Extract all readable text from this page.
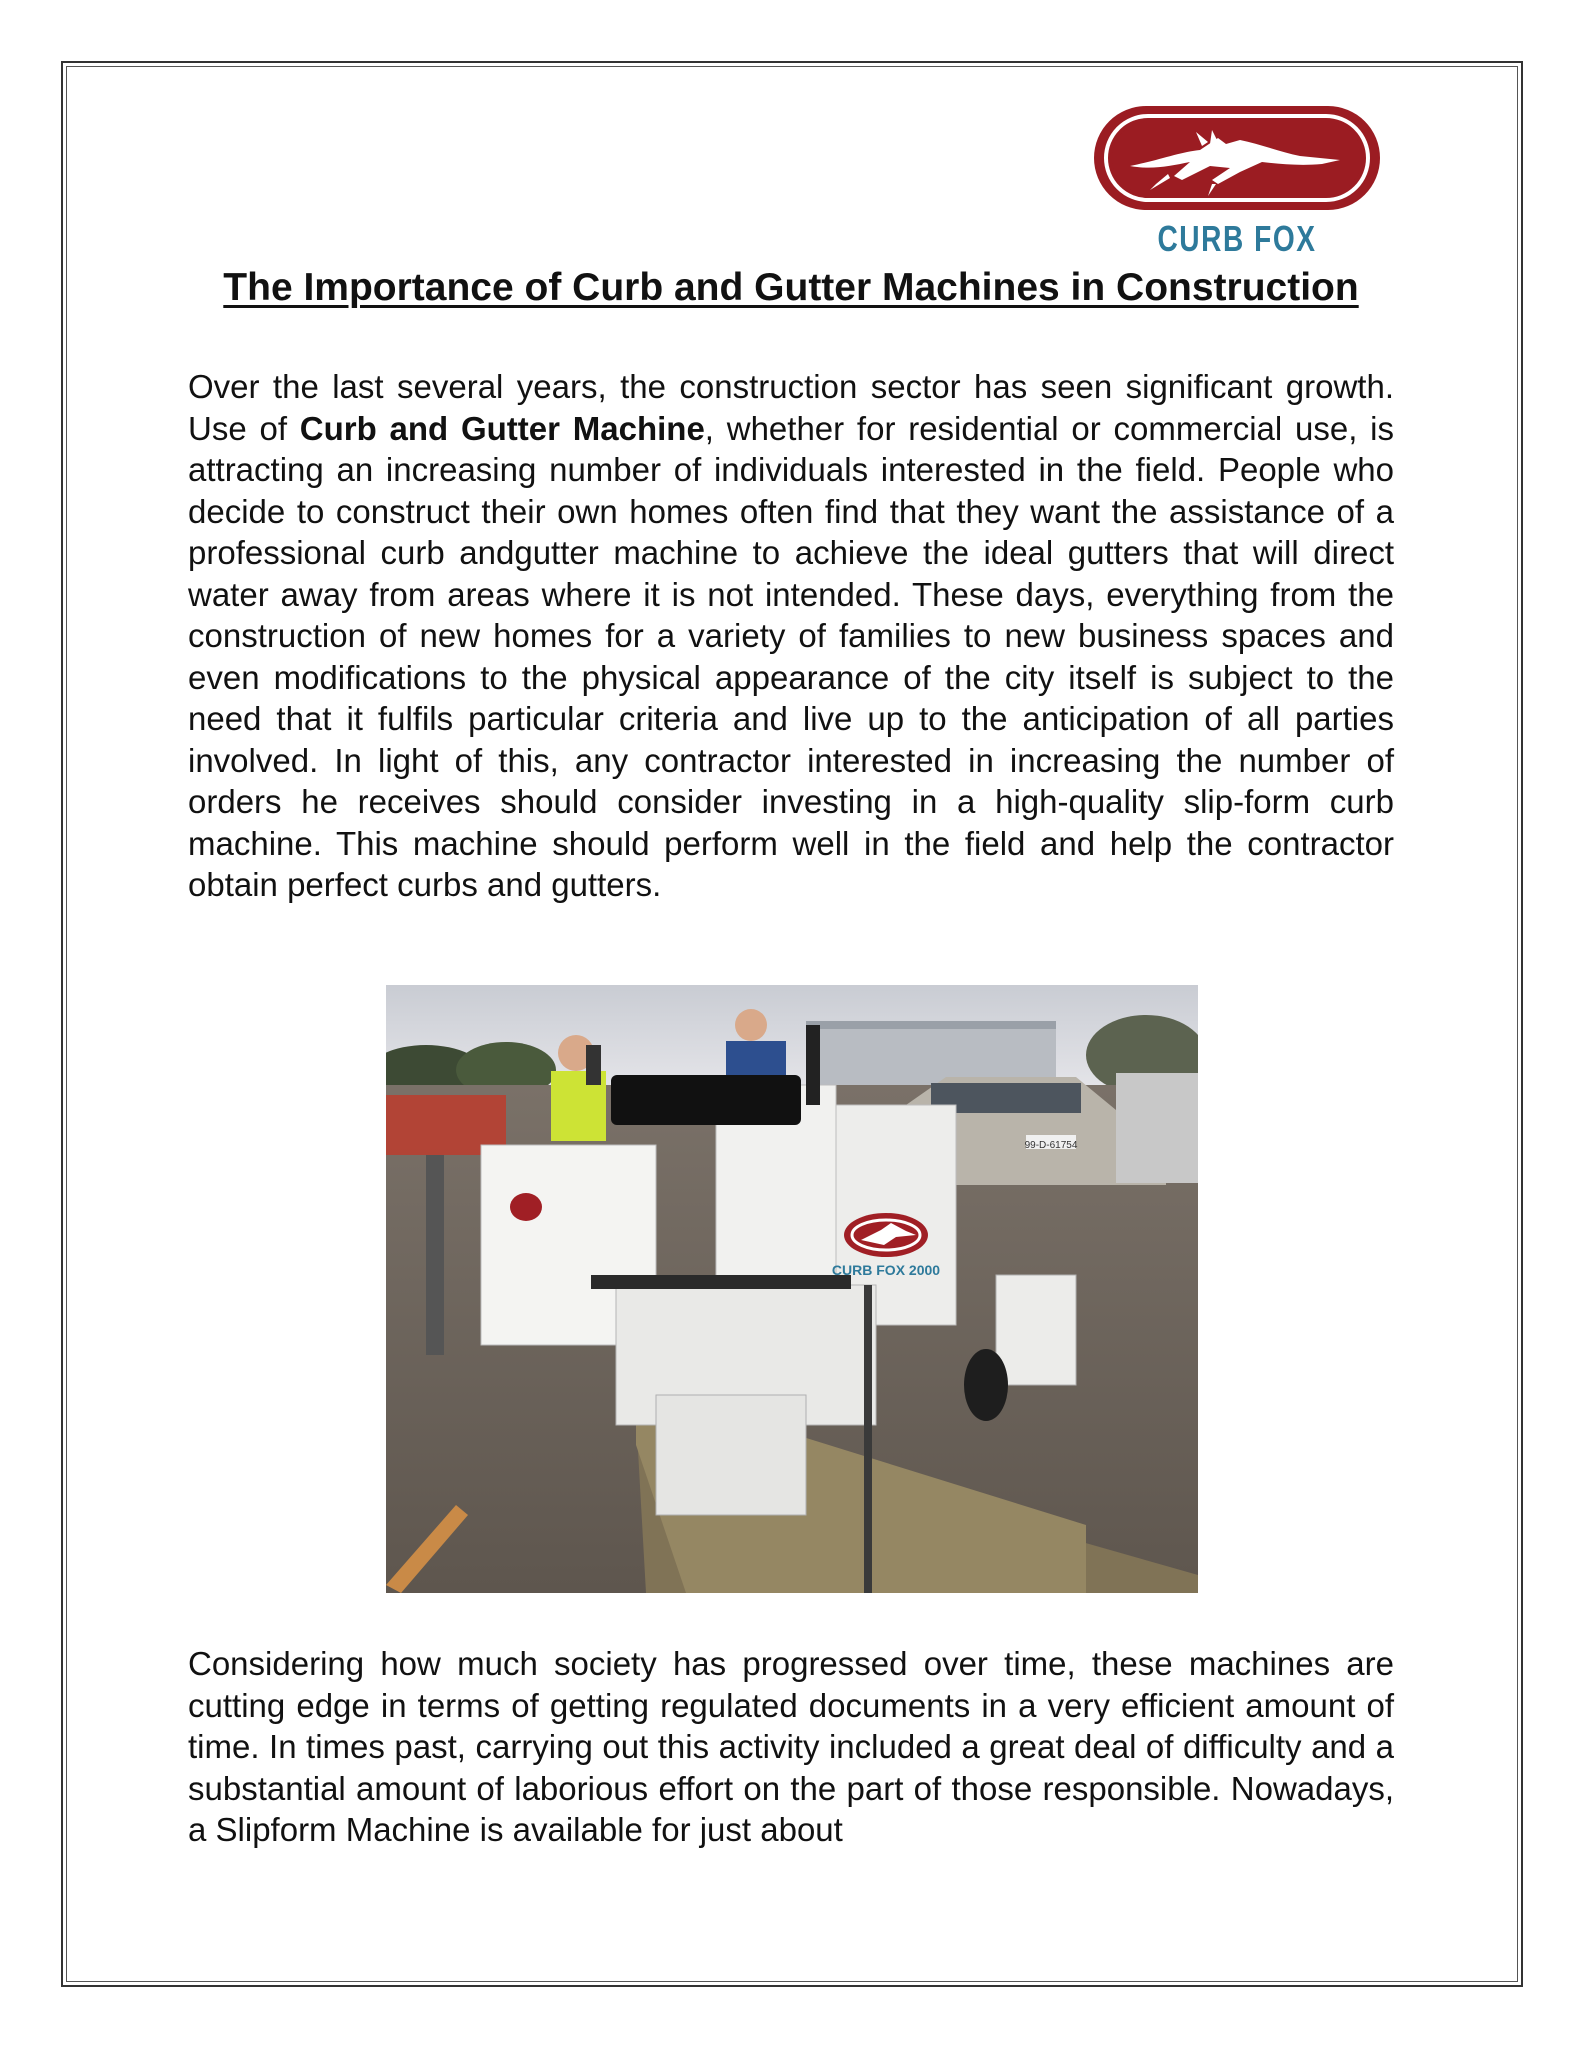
CURB FOX
The Importance of Curb and Gutter Machines in Construction

Over the last several years, the construction sector has seen significant growth. Use of Curb and Gutter Machine, whether for residential or commercial use, is attracting an increasing number of individuals interested in the field. People who decide to construct their own homes often find that they want the assistance of a professional curb andgutter machine to achieve the ideal gutters that will direct water away from areas where it is not intended. These days, everything from the construction of new homes for a variety of families to new business spaces and even modifications to the physical appearance of the city itself is subject to the need that it fulfils particular criteria and live up to the anticipation of all parties involved. In light of this, any contractor interested in increasing the number of orders he receives should consider investing in a high-quality slip-form curb machine. This machine should perform well in the field and help the contractor obtain perfect curbs and gutters.

CURB FOX 2000
99-D-61754

Considering how much society has progressed over time, these machines are cutting edge in terms of getting regulated documents in a very efficient amount of time. In times past, carrying out this activity included a great deal of difficulty and a substantial amount of laborious effort on the part of those responsible. Nowadays, a Slipform Machine is available for just about
